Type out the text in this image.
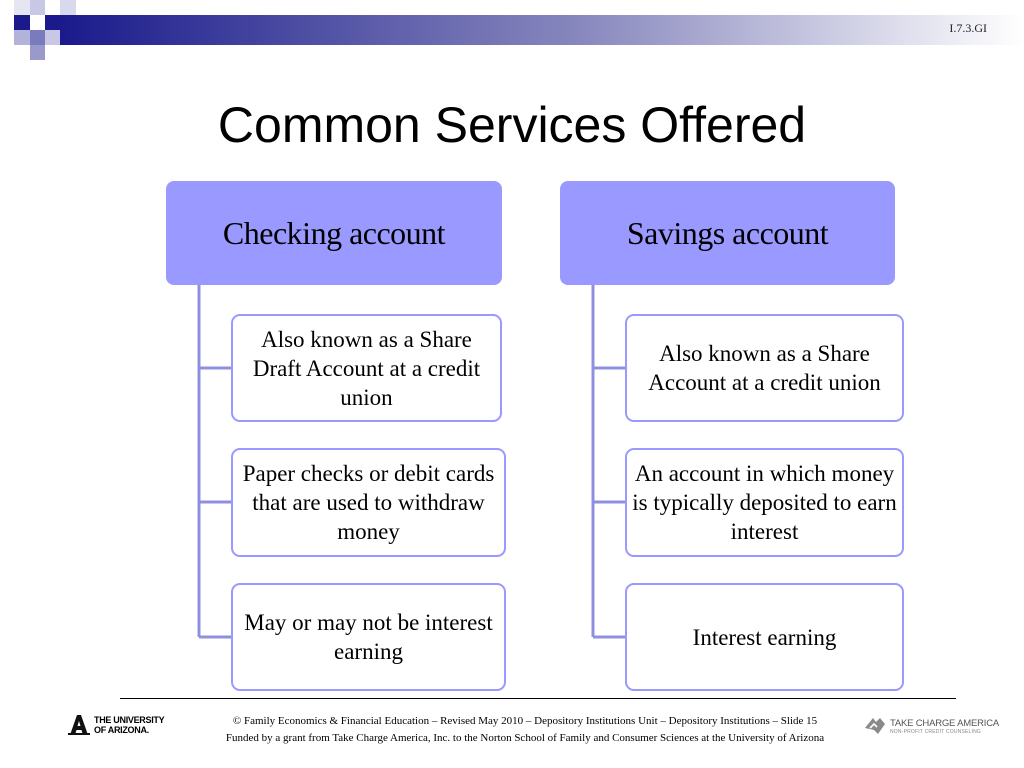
I.7.3.GI
Common Services Offered
Checking account
Also known as a Share Draft Account at a credit union
Paper checks or debit cards that are used to withdraw money
May or may not be interest earning
Savings account
Also known as a Share Account at a credit union
An account in which money is typically deposited to earn interest
Interest earning
THE UNIVERSITY
OF ARIZONA.
© Family Economics & Financial Education – Revised May 2010 – Depository Institutions Unit – Depository Institutions – Slide 15
Funded by a grant from Take Charge America, Inc. to the Norton School of Family and Consumer Sciences at the University of Arizona
TAKE CHARGE AMERICA
NON-PROFIT CREDIT COUNSELING
